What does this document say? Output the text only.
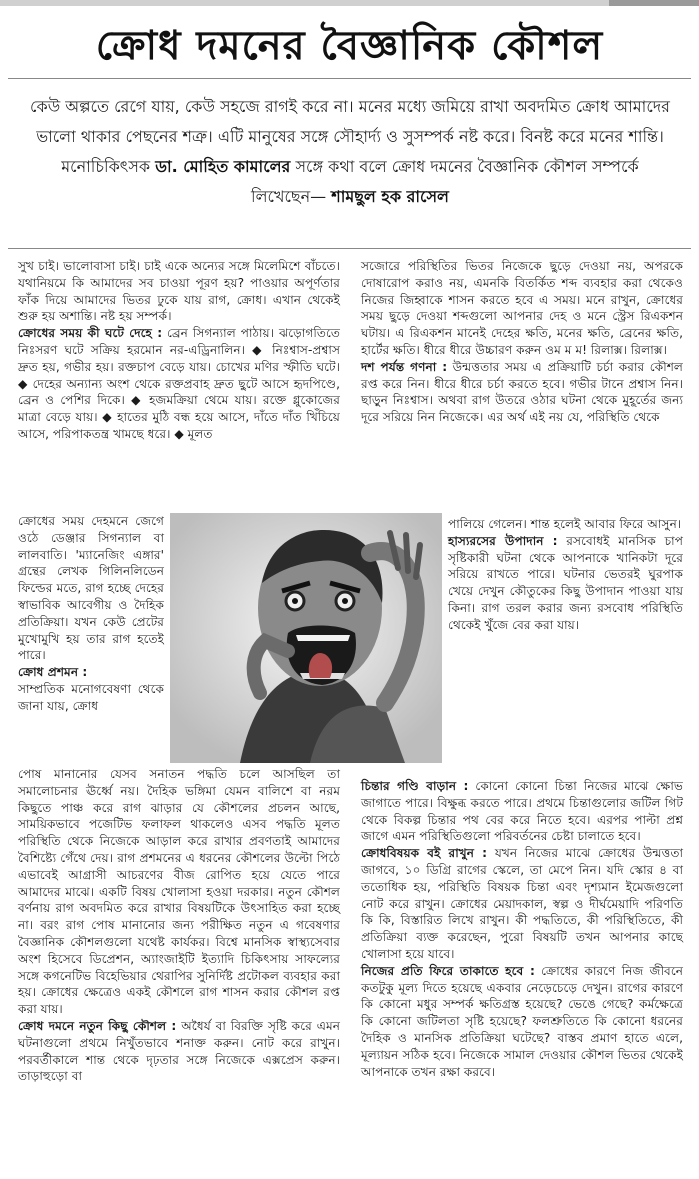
ক্রোধ দমনের বৈজ্ঞানিক কৌশল
কেউ অল্পতে রেগে যায়, কেউ সহজে রাগই করে না। মনের মধ্যে জমিয়ে রাখা অবদমিত ক্রোধ আমাদের ভালো থাকার পেছনের শত্রু। এটি মানুষের সঙ্গে সৌহার্দ্য ও সুসম্পর্ক নষ্ট করে। বিনষ্ট করে মনের শান্তি। মনোচিকিৎসক ডা. মোহিত কামালের সঙ্গে কথা বলে ক্রোধ দমনের বৈজ্ঞানিক কৌশল সম্পর্কে লিখেছেন— শামছুল হক রাসেল

সুখ চাই। ভালোবাসা চাই। চাই একে অন্যের সঙ্গে মিলেমিশে বাঁচতে। যথানিয়মে কি আমাদের সব চাওয়া পূরণ হয়? পাওয়ার অপূর্ণতার ফাঁক দিয়ে আমাদের ভিতর ঢুকে যায় রাগ, ক্রোধ। এখান থেকেই শুরু হয় অশান্তি। নষ্ট হয় সম্পর্ক।

ক্রোধের সময় কী ঘটে দেহে : ব্রেন সিগন্যাল পাঠায়। ঝড়োগতিতে নিঃসরণ ঘটে সক্রিয় হরমোন নর-এড্রিনালিন। ◆ নিঃশ্বাস-প্রশ্বাস দ্রুত হয়, গভীর হয়। রক্তচাপ বেড়ে যায়। চোখের মণির স্ফীতি ঘটে। ◆ দেহের অন্যান্য অংশ থেকে রক্তপ্রবাহ দ্রুত ছুটে আসে হৃদপিণ্ডে, ব্রেন ও পেশির দিকে। ◆ হজমক্রিয়া থেমে যায়। রক্তে গ্লুকোজের মাত্রা বেড়ে যায়। ◆ হাতের মুঠি বন্ধ হয়ে আসে, দাঁতে দাঁত খিঁচিয়ে আসে, পরিপাকতন্ত্র খামছে ধরে। ◆ মূলত

ক্রোধের সময় দেহমনে জেগে ওঠে ডেঞ্জার সিগন্যাল বা লালবাতি। 'ম্যানেজিং এঙ্গার' গ্রন্থের লেখক গিলিনলিডেন ফিল্ডের মতে, রাগ হচ্ছে দেহের স্বাভাবিক আবেগীয় ও দৈহিক প্রতিক্রিয়া। যখন কেউ প্রেটের মুখোমুখি হয় তার রাগ হতেই পারে।

ক্রোধ প্রশমন :

সাম্প্রতিক মনোগবেষণা থেকে জানা যায়, ক্রোধ

পোষ মানানোর যেসব সনাতন পদ্ধতি চলে আসছিল তা সমালোচনার ঊর্ধ্বে নয়। দৈহিক ভঙ্গিমা যেমন বালিশে বা নরম কিছুতে পাঞ্চ করে রাগ ঝাড়ার যে কৌশলের প্রচলন আছে, সাময়িকভাবে পজেটিভ ফলাফল থাকলেও এসব পদ্ধতি মূলত পরিস্থিতি থেকে নিজেকে আড়াল করে রাখার প্রবণতাই আমাদের বৈশিষ্ট্যে গেঁথে দেয়। রাগ প্রশমনের এ ধরনের কৌশলের উল্টো পিঠে এভাবেই আগ্রাসী আচরণের বীজ রোপিত হয়ে যেতে পারে আমাদের মাঝে। একটি বিষয় খোলাসা হওয়া দরকার। নতুন কৌশল বর্ণনায় রাগ অবদমিত করে রাখার বিষয়টিকে উৎসাহিত করা হচ্ছে না। বরং রাগ পোষ মানানোর জন্য পরীক্ষিত নতুন এ গবেষণার বৈজ্ঞানিক কৌশলগুলো যথেষ্ট কার্যকর। বিশ্বে মানসিক স্বাস্থ্যসেবার অংশ হিসেবে ডিপ্রেশন, অ্যাংজাইটি ইত্যাদি চিকিৎসায় সাফল্যের সঙ্গে কগনেটিভ বিহেভিয়ার থেরাপির সুনির্দিষ্ট প্রটোকল ব্যবহার করা হয়। ক্রোধের ক্ষেত্রেও একই কৌশলে রাগ শাসন করার কৌশল রপ্ত করা যায়।

ক্রোধ দমনে নতুন কিছু কৌশল : অধৈর্য বা বিরক্তি সৃষ্টি করে এমন ঘটনাগুলো প্রথমে নিখুঁতভাবে শনাক্ত করুন। নোট করে রাখুন। পরবর্তীকালে শান্ত থেকে দৃঢ়তার সঙ্গে নিজেকে এক্সপ্রেস করুন। তাড়াহুড়ো বা

সজোরে পরিস্থিতির ভিতর নিজেকে ছুড়ে দেওয়া নয়, অপরকে দোষারোপ করাও নয়, এমনকি বিতর্কিত শব্দ ব্যবহার করা থেকেও নিজের জিহ্বাকে শাসন করতে হবে এ সময়। মনে রাখুন, ক্রোধের সময় ছুড়ে দেওয়া শব্দগুলো আপনার দেহ ও মনে স্ট্রেস রিএকশন ঘটায়। এ রিএকশন মানেই দেহের ক্ষতি, মনের ক্ষতি, ব্রেনের ক্ষতি, হার্টের ক্ষতি। ধীরে ধীরে উচ্চারণ করুন ওম ম ম! রিলাক্স। রিলাক্স।

দশ পর্যন্ত গণনা : উন্মত্ততার সময় এ প্রক্রিয়াটি চর্চা করার কৌশল রপ্ত করে নিন। ধীরে ধীরে চর্চা করতে হবে। গভীর টানে প্রশ্বাস নিন। ছাড়ুন নিঃশ্বাস। অথবা রাগ উতরে ওঠার ঘটনা থেকে মুহূর্তের জন্য দূরে সরিয়ে নিন নিজেকে। এর অর্থ এই নয় যে, পরিস্থিতি থেকে

পালিয়ে গেলেন। শান্ত হলেই আবার ফিরে আসুন।

হাস্যরসের উপাদান : রসবোধই মানসিক চাপ সৃষ্টিকারী ঘটনা থেকে আপনাকে খানিকটা দূরে সরিয়ে রাখতে পারে। ঘটনার ভেতরই ঘুরপাক খেয়ে দেখুন কৌতুকের কিছু উপাদান পাওয়া যায় কিনা। রাগ তরল করার জন্য রসবোধ পরিস্থিতি থেকেই খুঁজে বের করা যায়।

চিন্তার গণ্ডি বাড়ান : কোনো কোনো চিন্তা নিজের মাঝে ক্ষোভ জাগাতে পারে। বিক্ষুব্ধ করতে পারে। প্রথমে চিন্তাগুলোর জটিল গিট থেকে বিকল্প চিন্তার পথ বের করে নিতে হবে। এরপর পাল্টা প্রশ্ন জাগে এমন পরিস্থিতিগুলো পরিবর্তনের চেষ্টা চালাতে হবে।

ক্রোধবিষয়ক বই রাখুন : যখন নিজের মাঝে ক্রোধের উন্মত্ততা জাগবে, ১০ ডিগ্রি রাগের স্কেলে, তা মেপে নিন। যদি স্কোর ৪ বা ততোধিক হয়, পরিস্থিতি বিষয়ক চিন্তা এবং দৃশ্যমান ইমেজগুলো নোট করে রাখুন। ক্রোধের মেয়াদকাল, স্বল্প ও দীর্ঘমেয়াদি পরিণতি কি কি, বিস্তারিত লিখে রাখুন। কী পদ্ধতিতে, কী পরিস্থিতিতে, কী প্রতিক্রিয়া ব্যক্ত করেছেন, পুরো বিষয়টি তখন আপনার কাছে খোলাসা হয়ে যাবে।

নিজের প্রতি ফিরে তাকাতে হবে : ক্রোধের কারণে নিজ জীবনে কতটুকু মূল্য দিতে হয়েছে একবার নেড়েচেড়ে দেখুন। রাগের কারণে কি কোনো মধুর সম্পর্ক ক্ষতিগ্রস্ত হয়েছে? ভেঙে গেছে? কর্মক্ষেত্রে কি কোনো জটিলতা সৃষ্টি হয়েছে? ফলশ্রুতিতে কি কোনো ধরনের দৈহিক ও মানসিক প্রতিক্রিয়া ঘটেছে? বাস্তব প্রমাণ হাতে এলে, মূল্যায়ন সঠিক হবে। নিজেকে সামাল দেওয়ার কৌশল ভিতর থেকেই আপনাকে তখন রক্ষা করবে।
